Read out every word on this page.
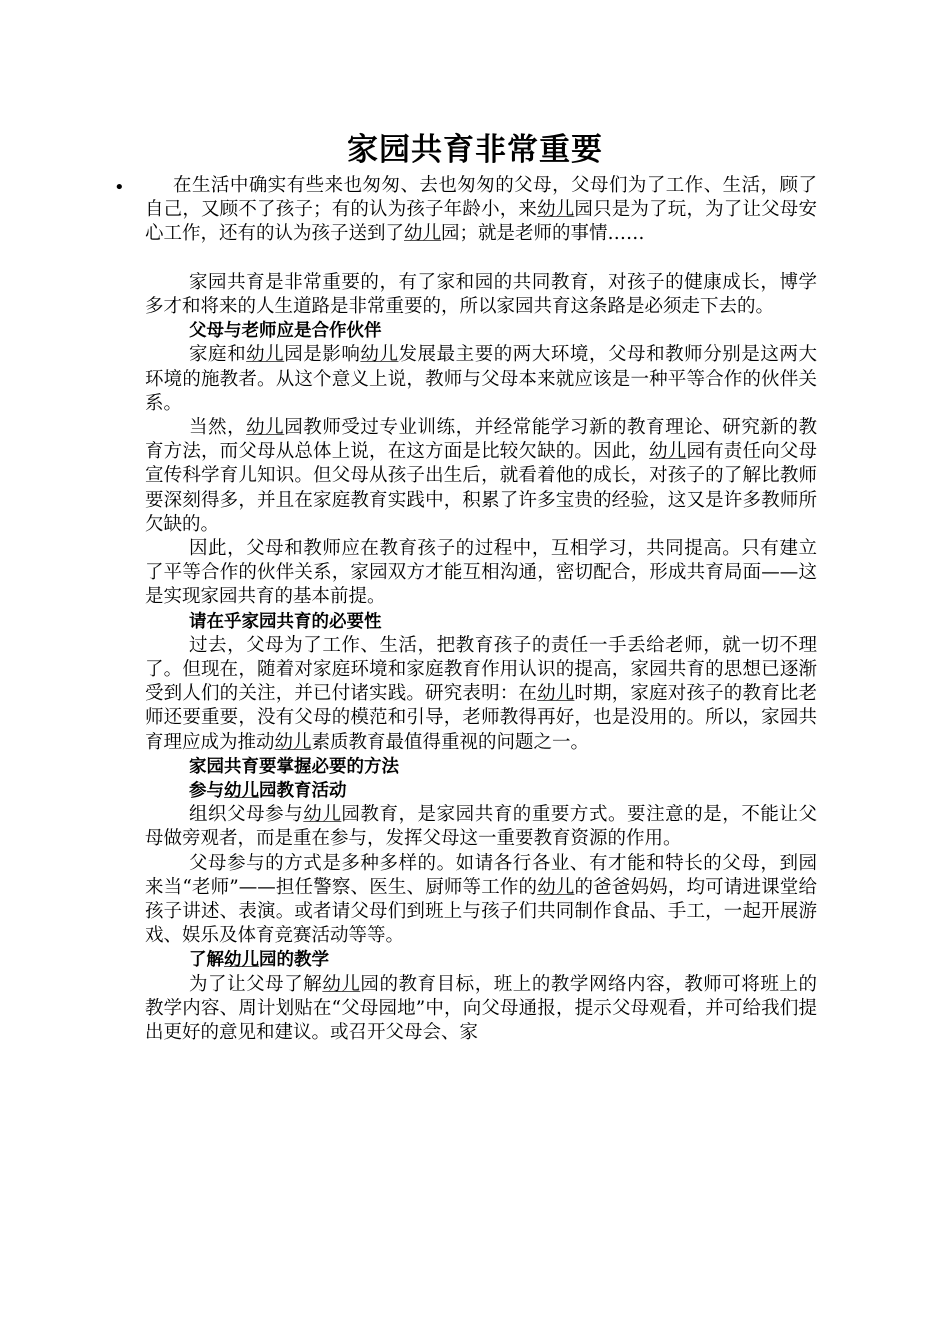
家园共育非常重要
•	在生活中确实有些来也匆匆、去也匆匆的父母，父母们为了工作、生活，顾了自己，又顾不了孩子；有的认为孩子年龄小，来幼儿园只是为了玩，为了让父母安心工作，还有的认为孩子送到了幼儿园；就是老师的事情……

家园共育是非常重要的，有了家和园的共同教育，对孩子的健康成长，博学多才和将来的人生道路是非常重要的，所以家园共育这条路是必须走下去的。

父母与老师应是合作伙伴

家庭和幼儿园是影响幼儿发展最主要的两大环境，父母和教师分别是这两大环境的施教者。从这个意义上说，教师与父母本来就应该是一种平等合作的伙伴关系。

当然，幼儿园教师受过专业训练，并经常能学习新的教育理论、研究新的教育方法，而父母从总体上说，在这方面是比较欠缺的。因此，幼儿园有责任向父母宣传科学育儿知识。但父母从孩子出生后，就看着他的成长，对孩子的了解比教师要深刻得多，并且在家庭教育实践中，积累了许多宝贵的经验，这又是许多教师所欠缺的。

因此，父母和教师应在教育孩子的过程中，互相学习，共同提高。只有建立了平等合作的伙伴关系，家园双方才能互相沟通，密切配合，形成共育局面——这是实现家园共育的基本前提。

请在乎家园共育的必要性

过去，父母为了工作、生活，把教育孩子的责任一手丢给老师，就一切不理了。但现在，随着对家庭环境和家庭教育作用认识的提高，家园共育的思想已逐渐受到人们的关注，并已付诸实践。研究表明：在幼儿时期，家庭对孩子的教育比老师还要重要，没有父母的模范和引导，老师教得再好，也是没用的。所以，家园共育理应成为推动幼儿素质教育最值得重视的问题之一。

家园共育要掌握必要的方法

参与幼儿园教育活动

组织父母参与幼儿园教育，是家园共育的重要方式。要注意的是，不能让父母做旁观者，而是重在参与，发挥父母这一重要教育资源的作用。

父母参与的方式是多种多样的。如请各行各业、有才能和特长的父母，到园来当“老师”——担任警察、医生、厨师等工作的幼儿的爸爸妈妈，均可请进课堂给孩子讲述、表演。或者请父母们到班上与孩子们共同制作食品、手工，一起开展游戏、娱乐及体育竞赛活动等等。

了解幼儿园的教学

为了让父母了解幼儿园的教育目标，班上的教学网络内容，教师可将班上的教学内容、周计划贴在“父母园地”中，向父母通报，提示父母观看，并可给我们提出更好的意见和建议。或召开父母会、家
